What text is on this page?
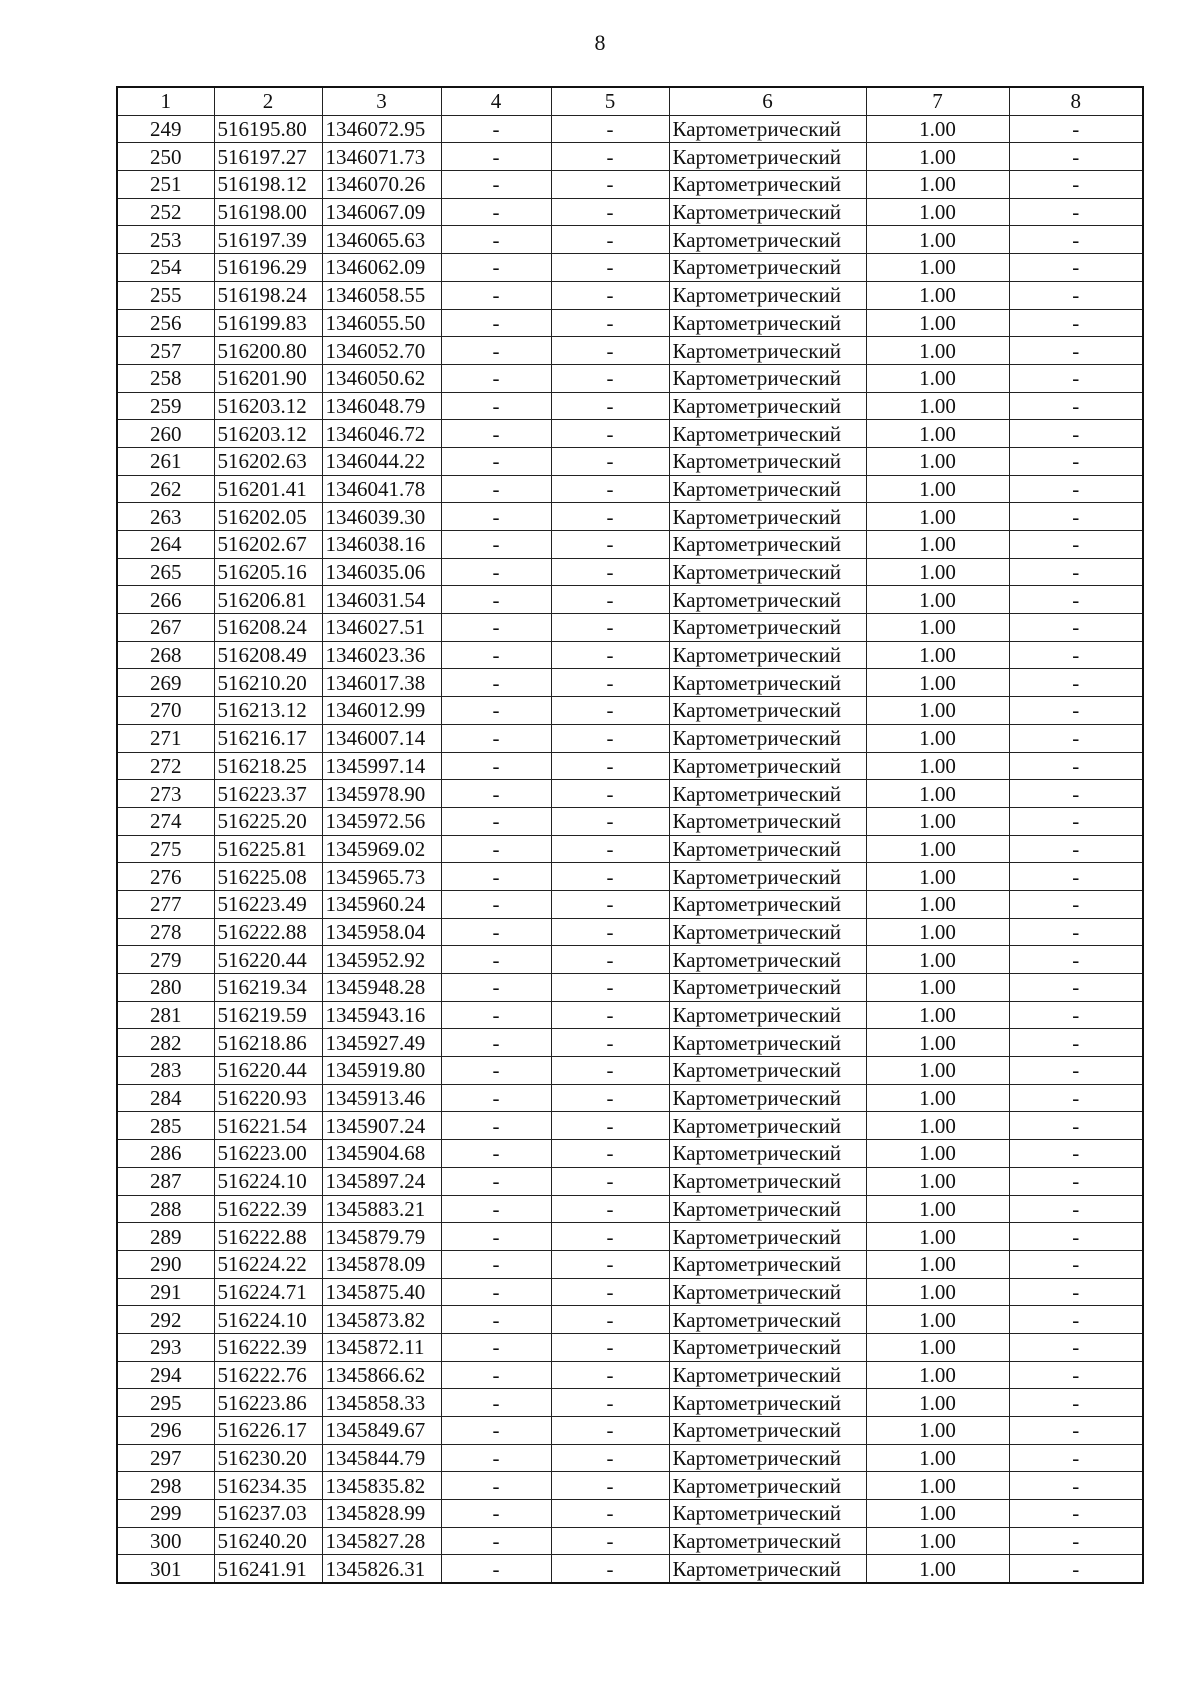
8
1	2	3	4	5	6	7	8
249	516195.80	1346072.95	-	-	Картометрический	1.00	-
250	516197.27	1346071.73	-	-	Картометрический	1.00	-
251	516198.12	1346070.26	-	-	Картометрический	1.00	-
252	516198.00	1346067.09	-	-	Картометрический	1.00	-
253	516197.39	1346065.63	-	-	Картометрический	1.00	-
254	516196.29	1346062.09	-	-	Картометрический	1.00	-
255	516198.24	1346058.55	-	-	Картометрический	1.00	-
256	516199.83	1346055.50	-	-	Картометрический	1.00	-
257	516200.80	1346052.70	-	-	Картометрический	1.00	-
258	516201.90	1346050.62	-	-	Картометрический	1.00	-
259	516203.12	1346048.79	-	-	Картометрический	1.00	-
260	516203.12	1346046.72	-	-	Картометрический	1.00	-
261	516202.63	1346044.22	-	-	Картометрический	1.00	-
262	516201.41	1346041.78	-	-	Картометрический	1.00	-
263	516202.05	1346039.30	-	-	Картометрический	1.00	-
264	516202.67	1346038.16	-	-	Картометрический	1.00	-
265	516205.16	1346035.06	-	-	Картометрический	1.00	-
266	516206.81	1346031.54	-	-	Картометрический	1.00	-
267	516208.24	1346027.51	-	-	Картометрический	1.00	-
268	516208.49	1346023.36	-	-	Картометрический	1.00	-
269	516210.20	1346017.38	-	-	Картометрический	1.00	-
270	516213.12	1346012.99	-	-	Картометрический	1.00	-
271	516216.17	1346007.14	-	-	Картометрический	1.00	-
272	516218.25	1345997.14	-	-	Картометрический	1.00	-
273	516223.37	1345978.90	-	-	Картометрический	1.00	-
274	516225.20	1345972.56	-	-	Картометрический	1.00	-
275	516225.81	1345969.02	-	-	Картометрический	1.00	-
276	516225.08	1345965.73	-	-	Картометрический	1.00	-
277	516223.49	1345960.24	-	-	Картометрический	1.00	-
278	516222.88	1345958.04	-	-	Картометрический	1.00	-
279	516220.44	1345952.92	-	-	Картометрический	1.00	-
280	516219.34	1345948.28	-	-	Картометрический	1.00	-
281	516219.59	1345943.16	-	-	Картометрический	1.00	-
282	516218.86	1345927.49	-	-	Картометрический	1.00	-
283	516220.44	1345919.80	-	-	Картометрический	1.00	-
284	516220.93	1345913.46	-	-	Картометрический	1.00	-
285	516221.54	1345907.24	-	-	Картометрический	1.00	-
286	516223.00	1345904.68	-	-	Картометрический	1.00	-
287	516224.10	1345897.24	-	-	Картометрический	1.00	-
288	516222.39	1345883.21	-	-	Картометрический	1.00	-
289	516222.88	1345879.79	-	-	Картометрический	1.00	-
290	516224.22	1345878.09	-	-	Картометрический	1.00	-
291	516224.71	1345875.40	-	-	Картометрический	1.00	-
292	516224.10	1345873.82	-	-	Картометрический	1.00	-
293	516222.39	1345872.11	-	-	Картометрический	1.00	-
294	516222.76	1345866.62	-	-	Картометрический	1.00	-
295	516223.86	1345858.33	-	-	Картометрический	1.00	-
296	516226.17	1345849.67	-	-	Картометрический	1.00	-
297	516230.20	1345844.79	-	-	Картометрический	1.00	-
298	516234.35	1345835.82	-	-	Картометрический	1.00	-
299	516237.03	1345828.99	-	-	Картометрический	1.00	-
300	516240.20	1345827.28	-	-	Картометрический	1.00	-
301	516241.91	1345826.31	-	-	Картометрический	1.00	-
